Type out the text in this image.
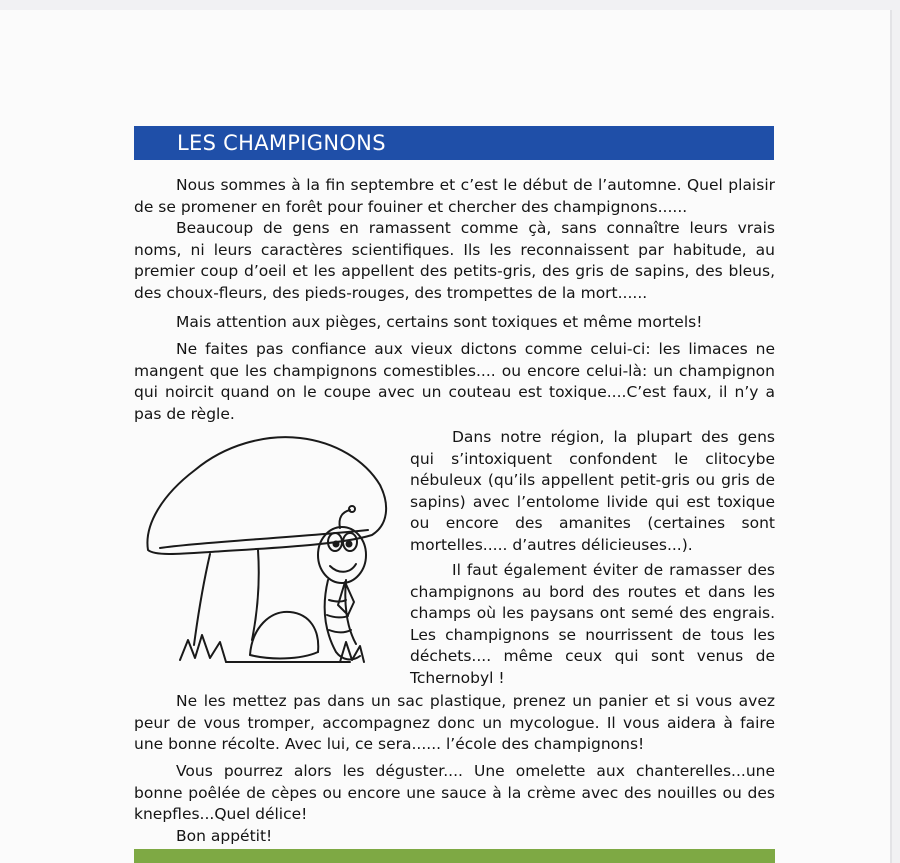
LES CHAMPIGNONS

Nous sommes à la fin septembre et c’est le début de l’automne. Quel plaisir de se promener en forêt pour fouiner et chercher des champignons......

Beaucoup de gens en ramassent comme çà, sans connaître leurs vrais noms, ni leurs caractères scientifiques. Ils les reconnaissent par habitude, au premier coup d’oeil et les appellent des petits-gris, des gris de sapins, des bleus, des choux-fleurs, des pieds-rouges, des trompettes de la mort......

Mais attention aux pièges, certains sont toxiques et même mortels!

Ne faites pas confiance aux vieux dictons comme celui-ci: les limaces ne mangent que les champignons comestibles.... ou encore celui-là: un champignon qui noircit quand on le coupe avec un couteau est toxique....C’est faux, il n’y a pas de règle.

Dans notre région, la plupart des gens qui s’intoxiquent confondent le clitocybe nébuleux (qu’ils appellent petit-gris ou gris de sapins) avec l’entolome livide qui est toxique ou encore des amanites (certaines sont mortelles..... d’autres délicieuses...).

Il faut également éviter de ramasser des champignons au bord des routes et dans les champs où les paysans ont semé des engrais. Les champignons se nourrissent de tous les déchets.... même ceux qui sont venus de Tchernobyl !

Ne les mettez pas dans un sac plastique, prenez un panier et si vous avez peur de vous tromper, accompagnez donc un mycologue. Il vous aidera à faire une bonne récolte. Avec lui, ce sera...... l’école des champignons!

Vous pourrez alors les déguster.... Une omelette aux chanterelles...une bonne poêlée de cèpes ou encore une sauce à la crème avec des nouilles ou des knepfles...Quel délice!

Bon appétit!
